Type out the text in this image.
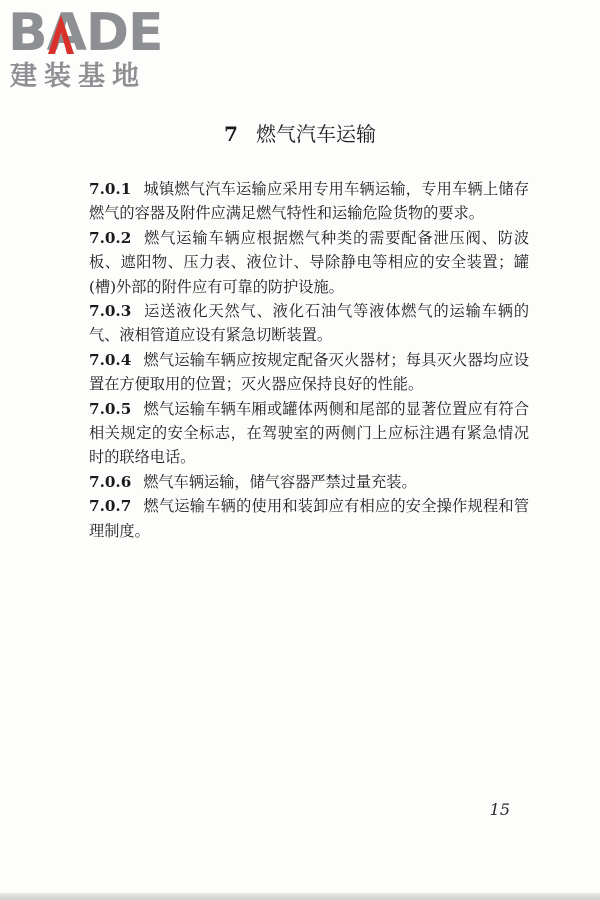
BADE
建装基地
7 燃气汽车运输

7.0.1 城镇燃气汽车运输应采用专用车辆运输，专用车辆上储存燃气的容器及附件应满足燃气特性和运输危险货物的要求。

7.0.2 燃气运输车辆应根据燃气种类的需要配备泄压阀、防波板、遮阳物、压力表、液位计、导除静电等相应的安全装置；罐(槽)外部的附件应有可靠的防护设施。

7.0.3 运送液化天然气、液化石油气等液体燃气的运输车辆的气、液相管道应设有紧急切断装置。

7.0.4 燃气运输车辆应按规定配备灭火器材；每具灭火器均应设置在方便取用的位置；灭火器应保持良好的性能。

7.0.5 燃气运输车辆车厢或罐体两侧和尾部的显著位置应有符合相关规定的安全标志，在驾驶室的两侧门上应标注遇有紧急情况时的联络电话。

7.0.6 燃气车辆运输，储气容器严禁过量充装。

7.0.7 燃气运输车辆的使用和装卸应有相应的安全操作规程和管理制度。

15
